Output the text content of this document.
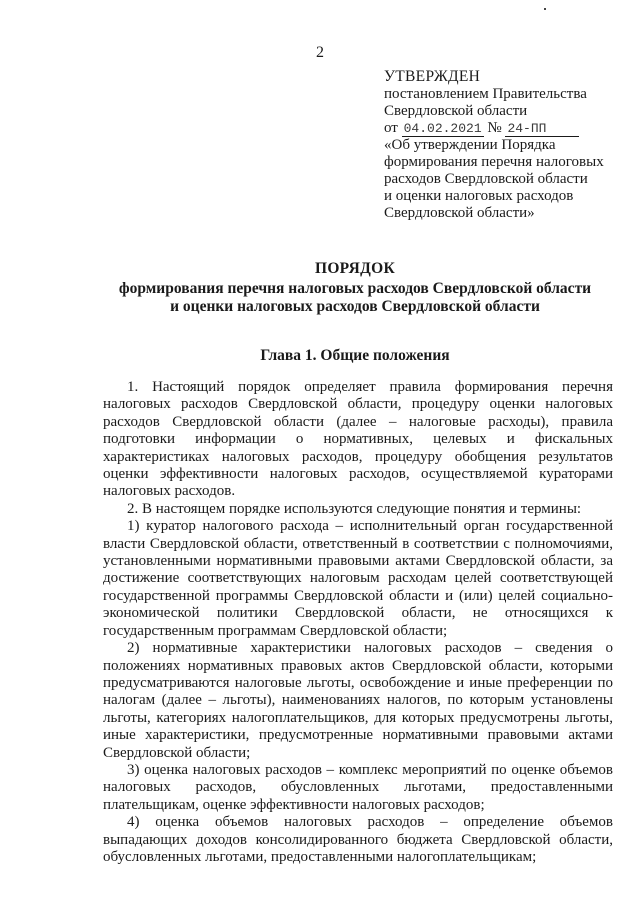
2
УТВЕРЖДЕН
постановлением Правительства
Свердловской области
от 04.02.2021 № 24-ПП
«Об утверждении Порядка
формирования перечня налоговых
расходов Свердловской области
и оценки налоговых расходов
Свердловской области»
ПОРЯДОК
формирования перечня налоговых расходов Свердловской области
и оценки налоговых расходов Свердловской области
Глава 1. Общие положения

1. Настоящий порядок определяет правила формирования перечня налоговых расходов Свердловской области, процедуру оценки налоговых расходов Свердловской области (далее – налоговые расходы), правила подготовки информации о нормативных, целевых и фискальных характеристиках налоговых расходов, процедуру обобщения результатов оценки эффективности налоговых расходов, осуществляемой кураторами налоговых расходов.

2. В настоящем порядке используются следующие понятия и термины:

1) куратор налогового расхода – исполнительный орган государственной власти Свердловской области, ответственный в соответствии с полномочиями, установленными нормативными правовыми актами Свердловской области, за достижение соответствующих налоговым расходам целей соответствующей государственной программы Свердловской области и (или) целей социально-экономической политики Свердловской области, не относящихся к государственным программам Свердловской области;

2) нормативные характеристики налоговых расходов – сведения о положениях нормативных правовых актов Свердловской области, которыми предусматриваются налоговые льготы, освобождение и иные преференции по налогам (далее – льготы), наименованиях налогов, по которым установлены льготы, категориях налогоплательщиков, для которых предусмотрены льготы, иные характеристики, предусмотренные нормативными правовыми актами Свердловской области;

3) оценка налоговых расходов – комплекс мероприятий по оценке объемов налоговых расходов, обусловленных льготами, предоставленными плательщикам, оценке эффективности налоговых расходов;

4) оценка объемов налоговых расходов – определение объемов выпадающих доходов консолидированного бюджета Свердловской области, обусловленных льготами, предоставленными налогоплательщикам;
